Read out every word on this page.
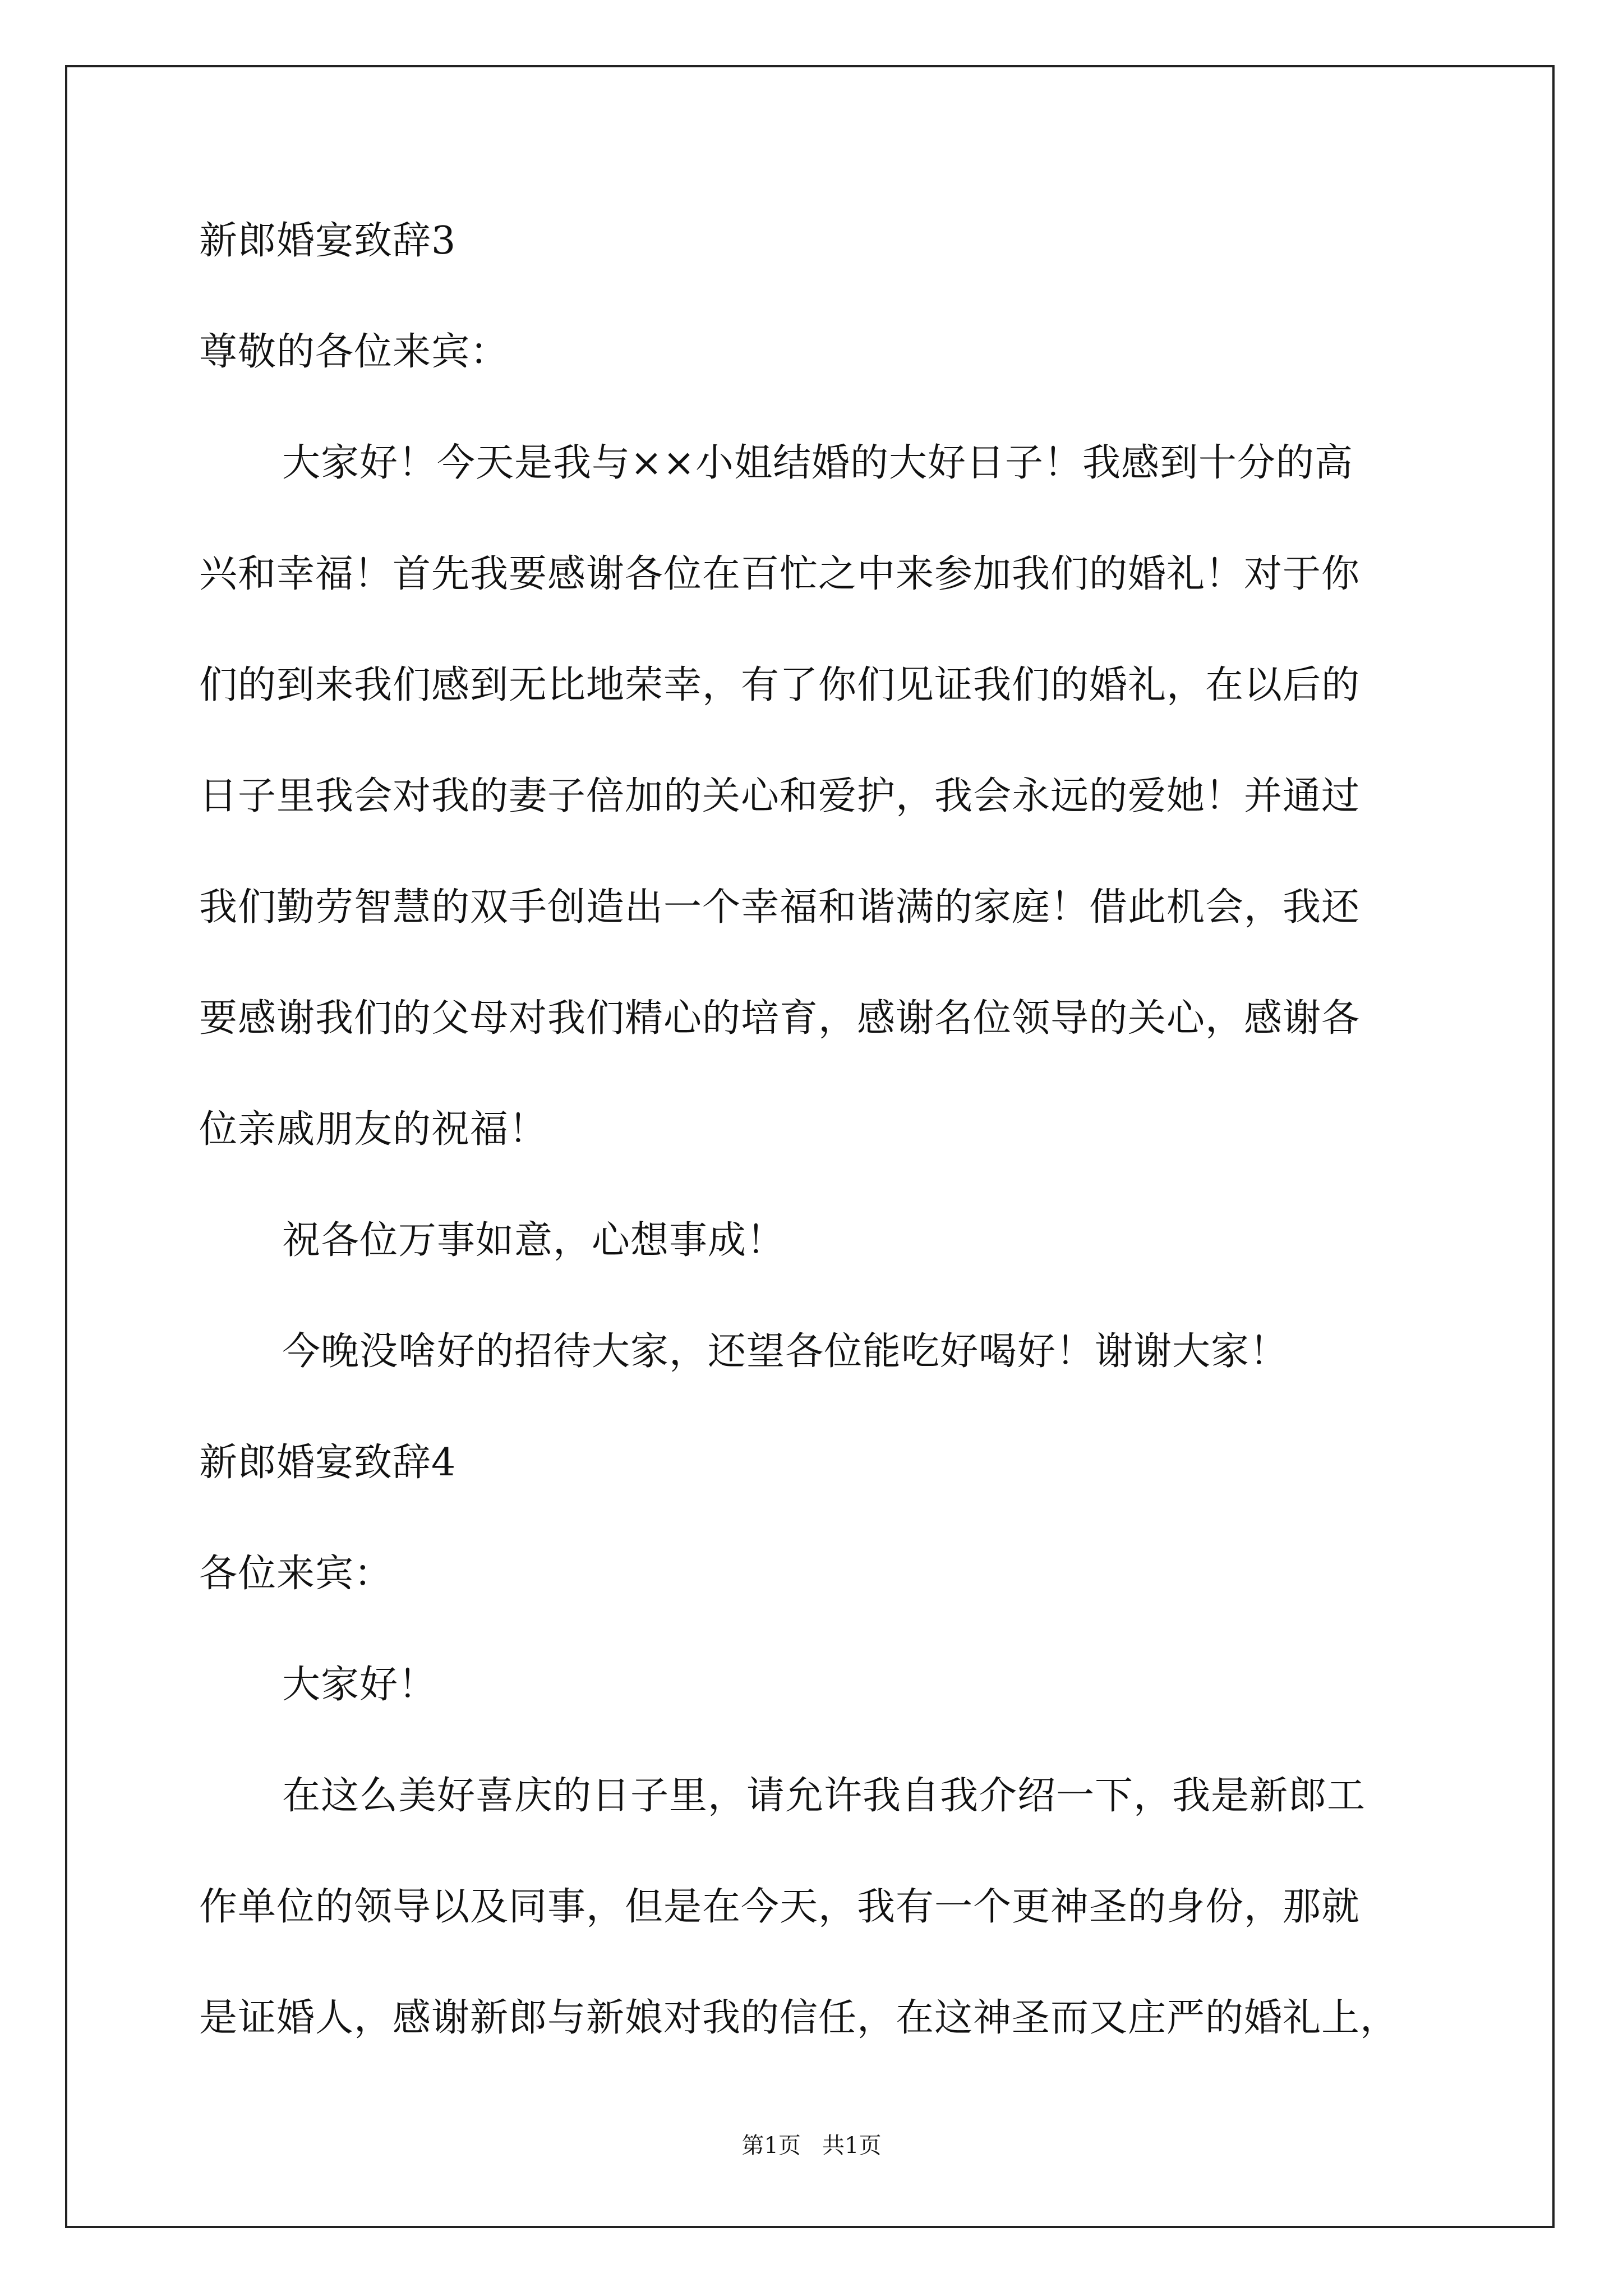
新郎婚宴致辞3
尊敬的各位来宾：
大家好！今天是我与××小姐结婚的大好日子！我感到十分的高
兴和幸福！首先我要感谢各位在百忙之中来参加我们的婚礼！对于你
们的到来我们感到无比地荣幸，有了你们见证我们的婚礼，在以后的
日子里我会对我的妻子倍加的关心和爱护，我会永远的爱她！并通过
我们勤劳智慧的双手创造出一个幸福和谐满的家庭！借此机会，我还
要感谢我们的父母对我们精心的培育，感谢名位领导的关心，感谢各
位亲戚朋友的祝福！
祝各位万事如意，心想事成！
今晚没啥好的招待大家，还望各位能吃好喝好！谢谢大家！
新郎婚宴致辞4
各位来宾：
大家好！
在这么美好喜庆的日子里，请允许我自我介绍一下，我是新郎工
作单位的领导以及同事，但是在今天，我有一个更神圣的身份，那就
是证婚人，感谢新郎与新娘对我的信任，在这神圣而又庄严的婚礼上，
第1页   共1页
